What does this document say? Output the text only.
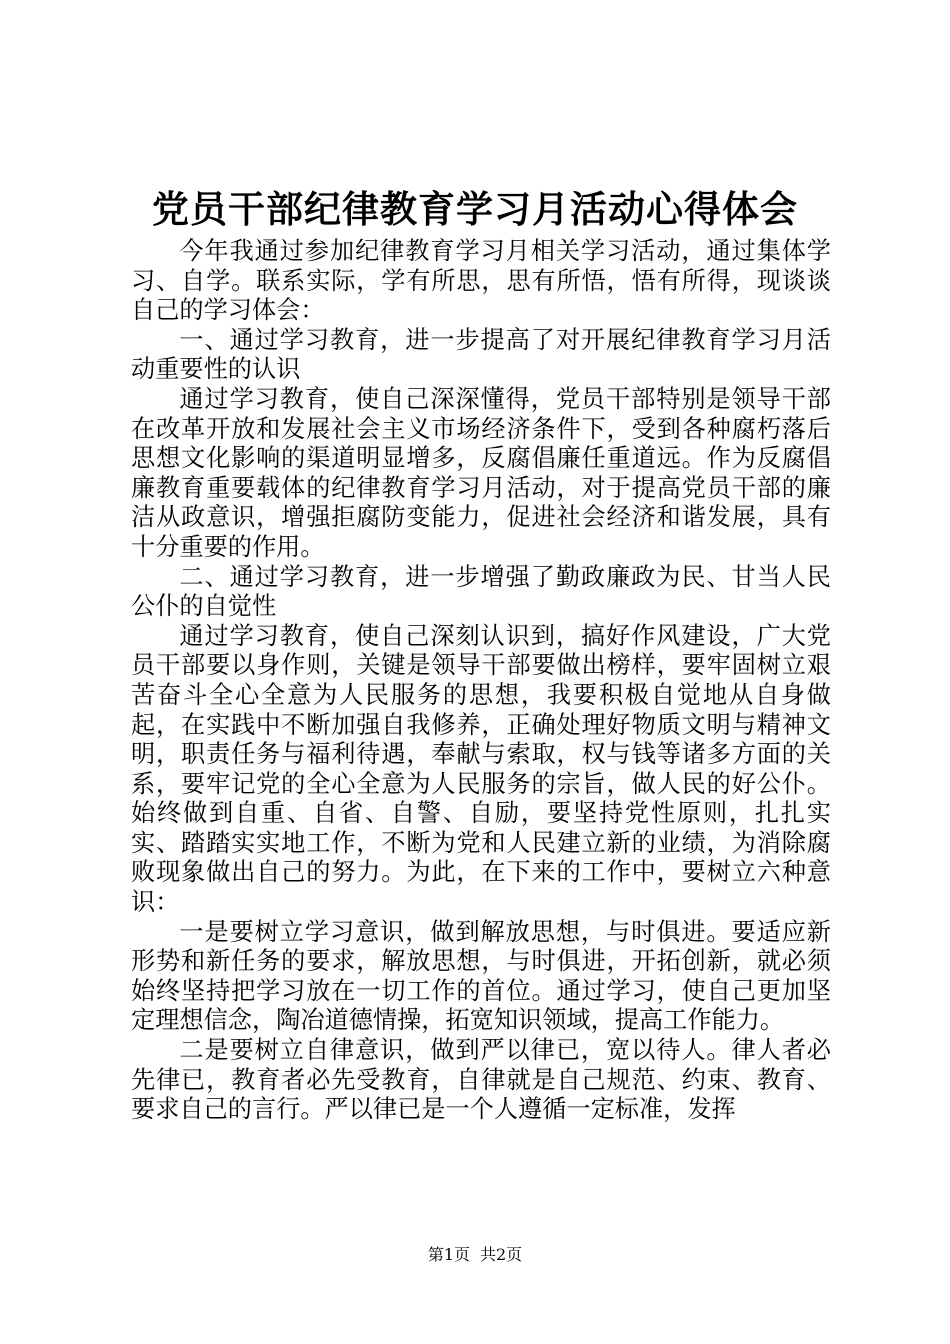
党员干部纪律教育学习月活动心得体会

今年我通过参加纪律教育学习月相关学习活动，通过集体学习、自学。联系实际，学有所思，思有所悟，悟有所得，现谈谈自己的学习体会：

一、通过学习教育，进一步提高了对开展纪律教育学习月活动重要性的认识

通过学习教育，使自己深深懂得，党员干部特别是领导干部在改革开放和发展社会主义市场经济条件下，受到各种腐朽落后思想文化影响的渠道明显增多，反腐倡廉任重道远。作为反腐倡廉教育重要载体的纪律教育学习月活动，对于提高党员干部的廉洁从政意识，增强拒腐防变能力，促进社会经济和谐发展，具有十分重要的作用。

二、通过学习教育，进一步增强了勤政廉政为民、甘当人民公仆的自觉性

通过学习教育，使自己深刻认识到，搞好作风建设，广大党员干部要以身作则，关键是领导干部要做出榜样，要牢固树立艰苦奋斗全心全意为人民服务的思想，我要积极自觉地从自身做起，在实践中不断加强自我修养，正确处理好物质文明与精神文明，职责任务与福利待遇，奉献与索取，权与钱等诸多方面的关系，要牢记党的全心全意为人民服务的宗旨，做人民的好公仆。始终做到自重、自省、自警、自励，要坚持党性原则，扎扎实实、踏踏实实地工作，不断为党和人民建立新的业绩，为消除腐败现象做出自己的努力。为此，在下来的工作中，要树立六种意识：

一是要树立学习意识，做到解放思想，与时俱进。要适应新形势和新任务的要求，解放思想，与时俱进，开拓创新，就必须始终坚持把学习放在一切工作的首位。通过学习，使自己更加坚定理想信念，陶冶道德情操，拓宽知识领域，提高工作能力。

二是要树立自律意识，做到严以律已，宽以待人。律人者必先律已，教育者必先受教育，自律就是自己规范、约束、教育、要求自己的言行。严以律已是一个人遵循一定标准，发挥

第1页 共2页
